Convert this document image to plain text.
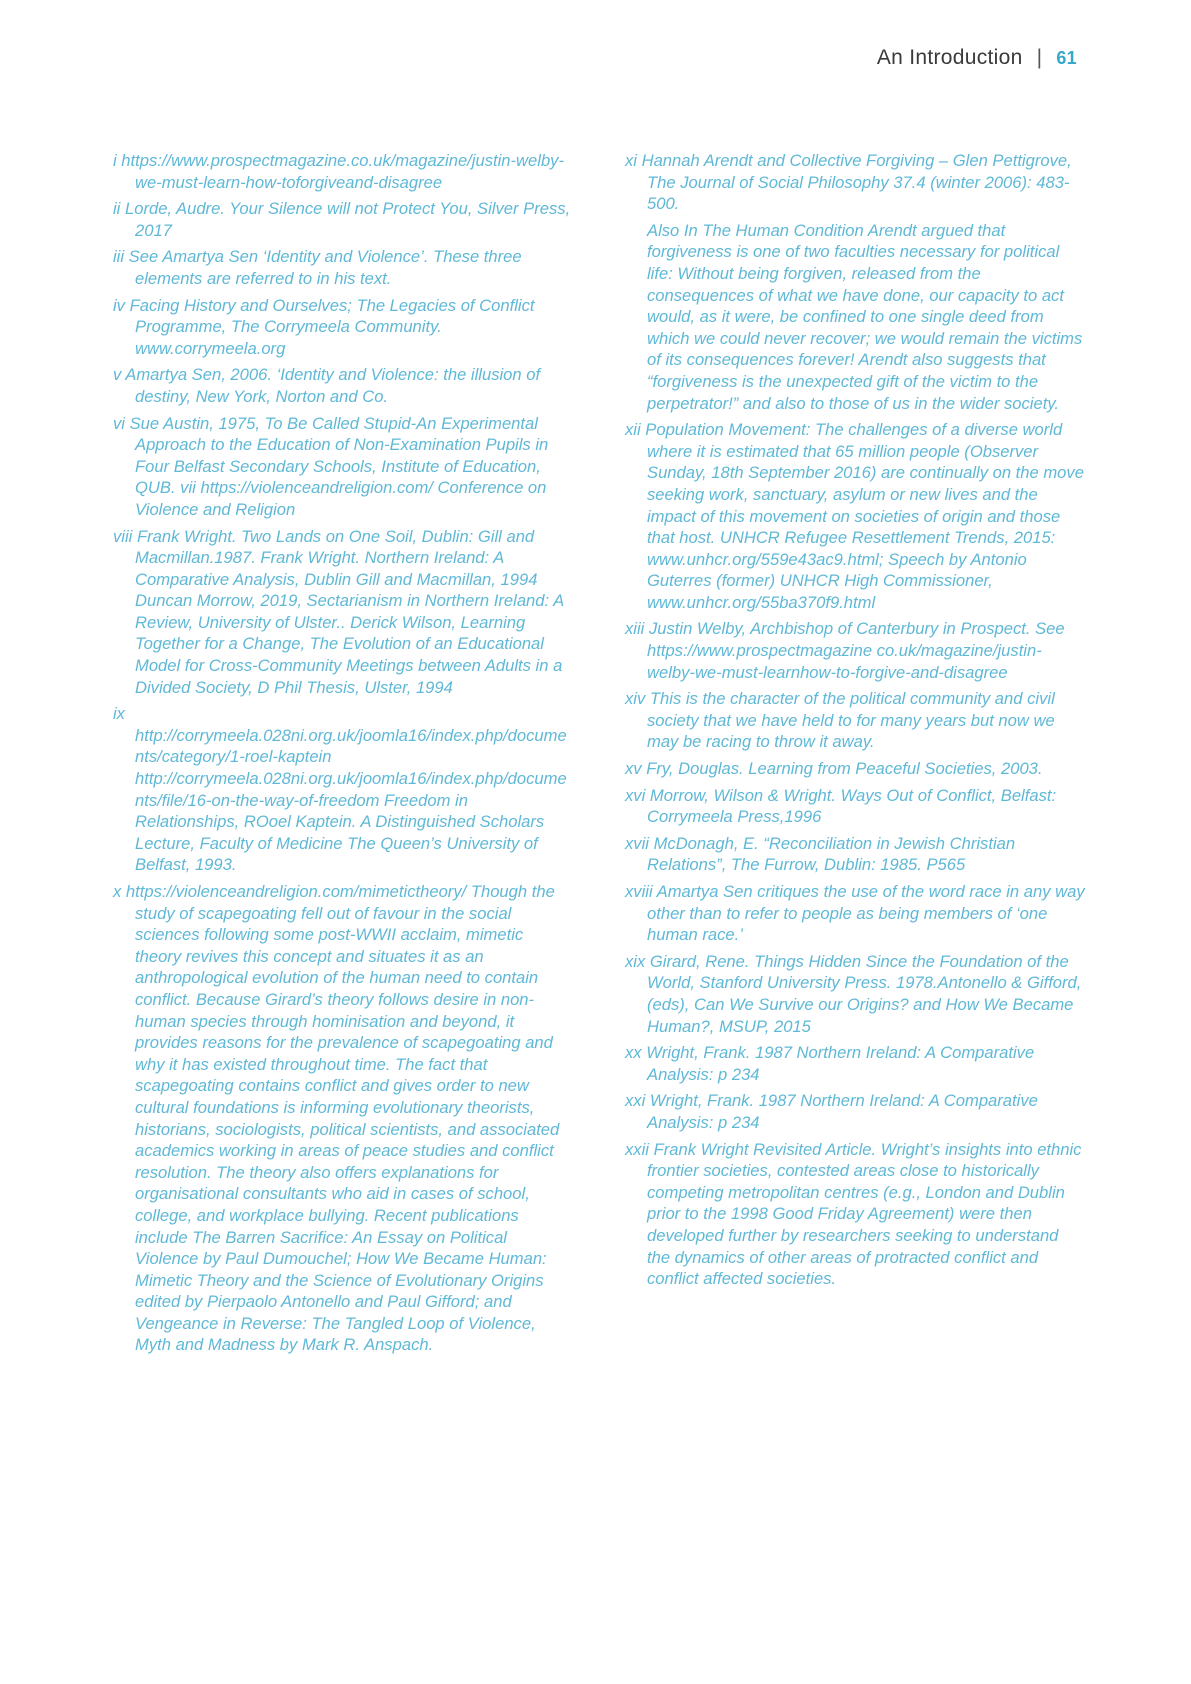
An Introduction | 61

i https://www.prospectmagazine.co.uk/magazine/justin-welby-we-must-learn-how-toforgiveand-disagree

ii Lorde, Audre. Your Silence will not Protect You, Silver Press, 2017

iii See Amartya Sen ‘Identity and Violence’. These three elements are referred to in his text.

iv Facing History and Ourselves; The Legacies of Conflict Programme, The Corrymeela Community. www.corrymeela.org

v Amartya Sen, 2006. ‘Identity and Violence: the illusion of destiny, New York, Norton and Co.

vi Sue Austin, 1975, To Be Called Stupid-An Experimental Approach to the Education of Non-Examination Pupils in Four Belfast Secondary Schools, Institute of Education, QUB. vii https://violenceandreligion.com/ Conference on Violence and Religion

viii Frank Wright. Two Lands on One Soil, Dublin: Gill and Macmillan.1987. Frank Wright. Northern Ireland: A Comparative Analysis, Dublin Gill and Macmillan, 1994 Duncan Morrow, 2019, Sectarianism in Northern Ireland: A Review, University of Ulster.. Derick Wilson, Learning Together for a Change, The Evolution of an Educational Model for Cross-Community Meetings between Adults in a Divided Society, D Phil Thesis, Ulster, 1994

ix http://corrymeela.028ni.org.uk/joomla16/index.php/documents/category/1-roel-kaptein http://corrymeela.028ni.org.uk/joomla16/index.php/documents/file/16-on-the-way-of-freedom Freedom in Relationships, ROoel Kaptein. A Distinguished Scholars Lecture, Faculty of Medicine The Queen’s University of Belfast, 1993.

x https://violenceandreligion.com/mimetictheory/ Though the study of scapegoating fell out of favour in the social sciences following some post-WWII acclaim, mimetic theory revives this concept and situates it as an anthropological evolution of the human need to contain conflict. Because Girard’s theory follows desire in non-human species through hominisation and beyond, it provides reasons for the prevalence of scapegoating and why it has existed throughout time. The fact that scapegoating contains conflict and gives order to new cultural foundations is informing evolutionary theorists, historians, sociologists, political scientists, and associated academics working in areas of peace studies and conflict resolution. The theory also offers explanations for organisational consultants who aid in cases of school, college, and workplace bullying. Recent publications include The Barren Sacrifice: An Essay on Political Violence by Paul Dumouchel; How We Became Human: Mimetic Theory and the Science of Evolutionary Origins edited by Pierpaolo Antonello and Paul Gifford; and Vengeance in Reverse: The Tangled Loop of Violence, Myth and Madness by Mark R. Anspach.

xi Hannah Arendt and Collective Forgiving – Glen Pettigrove, The Journal of Social Philosophy 37.4 (winter 2006): 483-500.

Also In The Human Condition Arendt argued that forgiveness is one of two faculties necessary for political life: Without being forgiven, released from the consequences of what we have done, our capacity to act would, as it were, be confined to one single deed from which we could never recover; we would remain the victims of its consequences forever! Arendt also suggests that “forgiveness is the unexpected gift of the victim to the perpetrator!” and also to those of us in the wider society.

xii Population Movement: The challenges of a diverse world where it is estimated that 65 million people (Observer Sunday, 18th September 2016) are continually on the move seeking work, sanctuary, asylum or new lives and the impact of this movement on societies of origin and those that host. UNHCR Refugee Resettlement Trends, 2015: www.unhcr.org/559e43ac9.html; Speech by Antonio Guterres (former) UNHCR High Commissioner, www.unhcr.org/55ba370f9.html

xiii Justin Welby, Archbishop of Canterbury in Prospect. See https://www.prospectmagazine co.uk/magazine/justin-welby-we-must-learnhow-to-forgive-and-disagree

xiv This is the character of the political community and civil society that we have held to for many years but now we may be racing to throw it away.

xv Fry, Douglas. Learning from Peaceful Societies, 2003.

xvi Morrow, Wilson & Wright. Ways Out of Conflict, Belfast: Corrymeela Press,1996

xvii McDonagh, E. “Reconciliation in Jewish Christian Relations”, The Furrow, Dublin: 1985. P565

xviii Amartya Sen critiques the use of the word race in any way other than to refer to people as being members of ‘one human race.’

xix Girard, Rene. Things Hidden Since the Foundation of the World, Stanford University Press. 1978.Antonello & Gifford, (eds), Can We Survive our Origins? and How We Became Human?, MSUP, 2015

xx Wright, Frank. 1987 Northern Ireland: A Comparative Analysis: p 234

xxi Wright, Frank. 1987 Northern Ireland: A Comparative Analysis: p 234

xxii Frank Wright Revisited Article. Wright’s insights into ethnic frontier societies, contested areas close to historically competing metropolitan centres (e.g., London and Dublin prior to the 1998 Good Friday Agreement) were then developed further by researchers seeking to understand the dynamics of other areas of protracted conflict and conflict affected societies.
